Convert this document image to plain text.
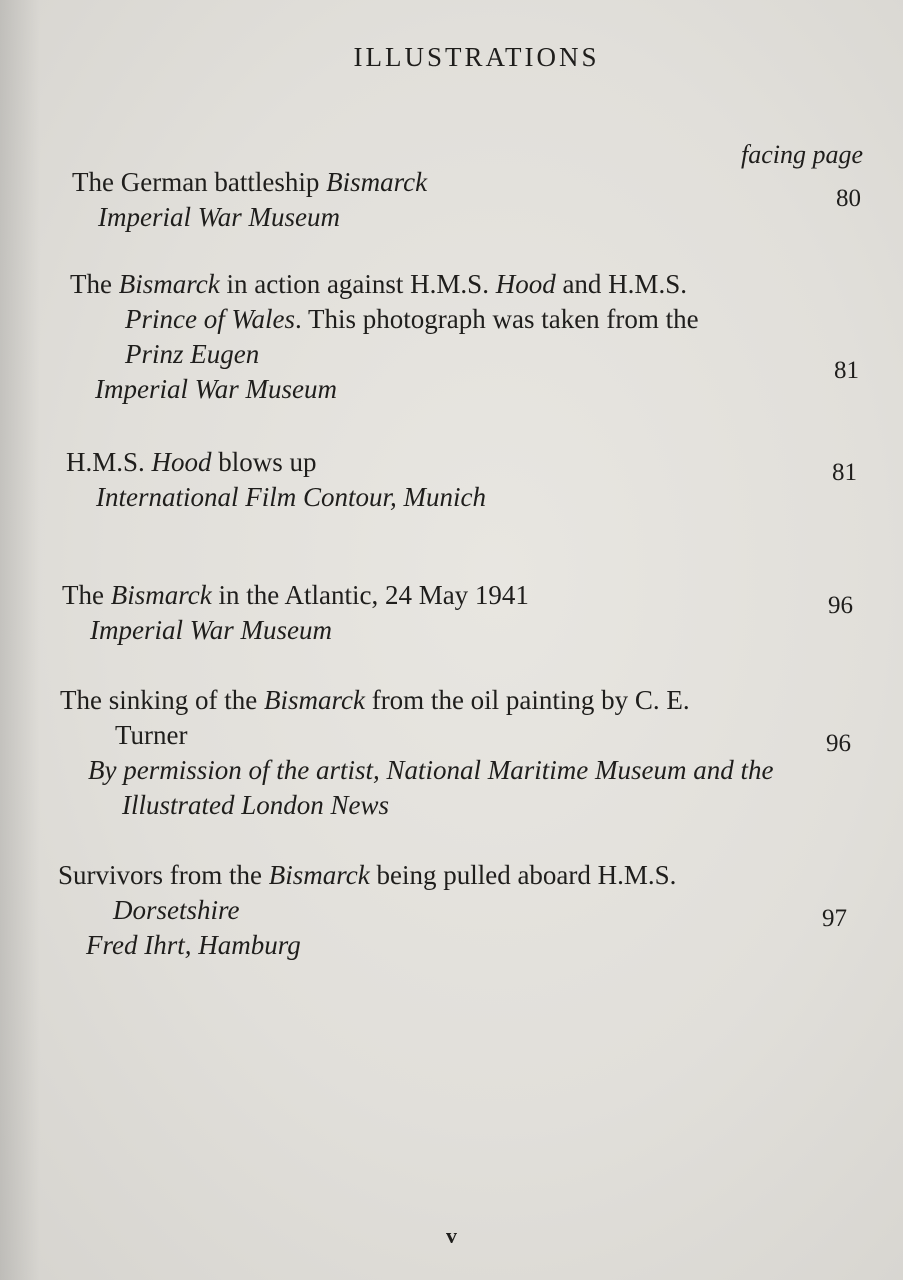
ILLUSTRATIONS
facing page
The German battleship Bismarck
Imperial War Museum
80
The Bismarck in action against H.M.S. Hood and H.M.S.
Prince of Wales. This photograph was taken from the
Prinz Eugen
Imperial War Museum
81
H.M.S. Hood blows up
International Film Contour, Munich
81
The Bismarck in the Atlantic, 24 May 1941
Imperial War Museum
96
The sinking of the Bismarck from the oil painting by C. E.
Turner
By permission of the artist, National Maritime Museum and the
Illustrated London News
96
Survivors from the Bismarck being pulled aboard H.M.S.
Dorsetshire
Fred Ihrt, Hamburg
97
v
